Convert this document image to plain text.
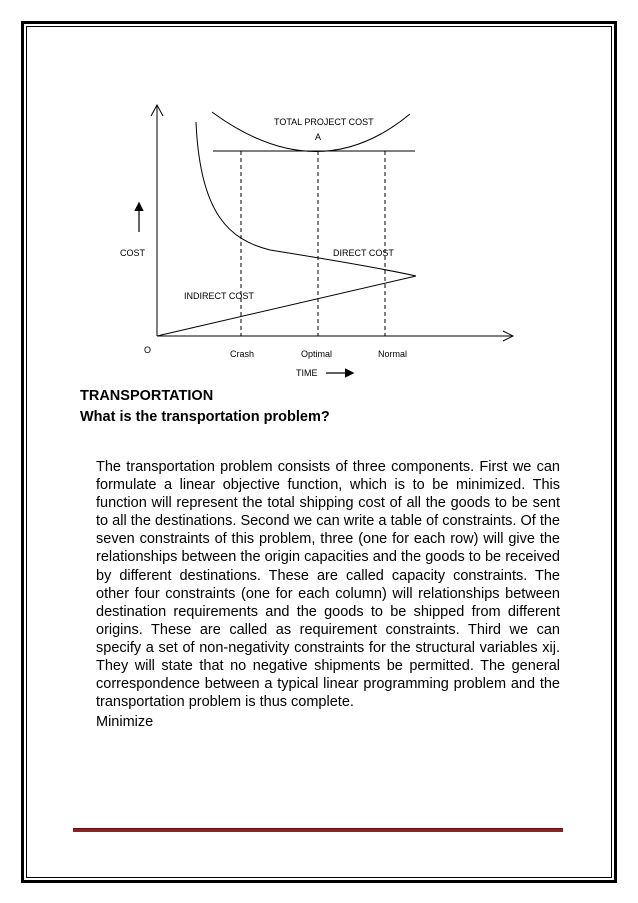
TOTAL PROJECT COST
A
COST	DIRECT COST
INDIRECT COST
O	Crash	Optimal	Normal
TIME

TRANSPORTATION

What is the transportation problem?

The transportation problem consists of three components. First we can formulate a linear objective function, which is to be minimized. This function will represent the total shipping cost of all the goods to be sent to all the destinations. Second we can write a table of constraints. Of the seven constraints of this problem, three (one for each row) will give the relationships between the origin capacities and the goods to be received by different destinations. These are called capacity constraints. The other four constraints (one for each column) will relationships between destination requirements and the goods to be shipped from different origins. These are called as requirement constraints. Third we can specify a set of non-negativity constraints for the structural variables xij. They will state that no negative shipments be permitted. The general correspondence between a typical linear programming problem and the transportation problem is thus complete.

Minimize
